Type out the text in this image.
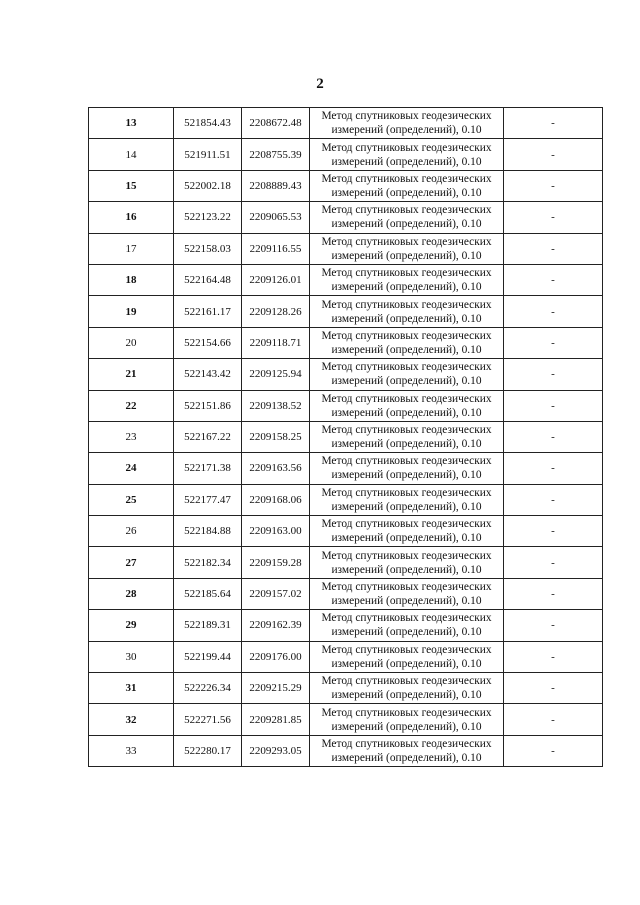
2
13	521854.43	2208672.48	Метод спутниковых геодезических
измерений (определений), 0.10	-
14	521911.51	2208755.39	Метод спутниковых геодезических
измерений (определений), 0.10	-
15	522002.18	2208889.43	Метод спутниковых геодезических
измерений (определений), 0.10	-
16	522123.22	2209065.53	Метод спутниковых геодезических
измерений (определений), 0.10	-
17	522158.03	2209116.55	Метод спутниковых геодезических
измерений (определений), 0.10	-
18	522164.48	2209126.01	Метод спутниковых геодезических
измерений (определений), 0.10	-
19	522161.17	2209128.26	Метод спутниковых геодезических
измерений (определений), 0.10	-
20	522154.66	2209118.71	Метод спутниковых геодезических
измерений (определений), 0.10	-
21	522143.42	2209125.94	Метод спутниковых геодезических
измерений (определений), 0.10	-
22	522151.86	2209138.52	Метод спутниковых геодезических
измерений (определений), 0.10	-
23	522167.22	2209158.25	Метод спутниковых геодезических
измерений (определений), 0.10	-
24	522171.38	2209163.56	Метод спутниковых геодезических
измерений (определений), 0.10	-
25	522177.47	2209168.06	Метод спутниковых геодезических
измерений (определений), 0.10	-
26	522184.88	2209163.00	Метод спутниковых геодезических
измерений (определений), 0.10	-
27	522182.34	2209159.28	Метод спутниковых геодезических
измерений (определений), 0.10	-
28	522185.64	2209157.02	Метод спутниковых геодезических
измерений (определений), 0.10	-
29	522189.31	2209162.39	Метод спутниковых геодезических
измерений (определений), 0.10	-
30	522199.44	2209176.00	Метод спутниковых геодезических
измерений (определений), 0.10	-
31	522226.34	2209215.29	Метод спутниковых геодезических
измерений (определений), 0.10	-
32	522271.56	2209281.85	Метод спутниковых геодезических
измерений (определений), 0.10	-
33	522280.17	2209293.05	Метод спутниковых геодезических
измерений (определений), 0.10	-
